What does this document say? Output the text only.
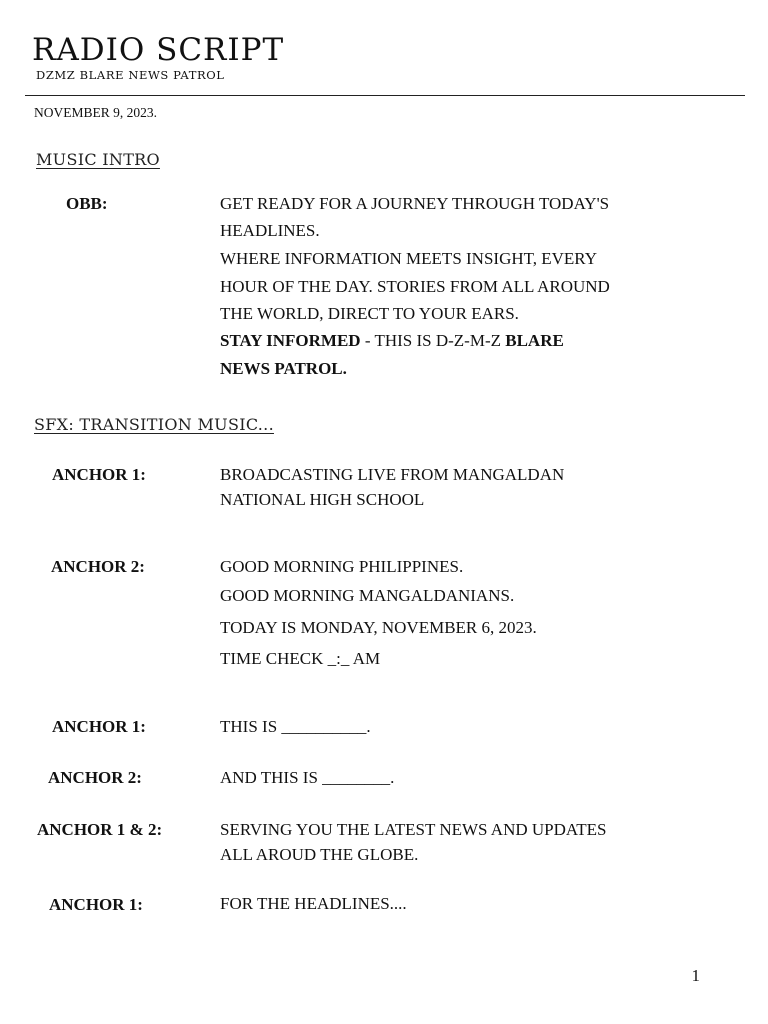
RADIO SCRIPT
DZMZ BLARE NEWS PATROL
NOVEMBER 9, 2023.
MUSIC INTRO
OBB:	GET READY FOR A JOURNEY THROUGH TODAY'S
HEADLINES.
WHERE INFORMATION MEETS INSIGHT, EVERY
HOUR OF THE DAY. STORIES FROM ALL AROUND
THE WORLD, DIRECT TO YOUR EARS.
STAY INFORMED - THIS IS D-Z-M-Z BLARE
NEWS PATROL.
SFX: TRANSITION MUSIC...
ANCHOR 1:	BROADCASTING LIVE FROM MANGALDAN
NATIONAL HIGH SCHOOL
ANCHOR 2:	GOOD MORNING PHILIPPINES.
GOOD MORNING MANGALDANIANS.
TODAY IS MONDAY, NOVEMBER 6, 2023.
TIME CHECK _:_ AM
ANCHOR 1:	THIS IS __________.
ANCHOR 2:	AND THIS IS ________.
ANCHOR 1 & 2:	SERVING YOU THE LATEST NEWS AND UPDATES
ALL AROUD THE GLOBE.
ANCHOR 1:	FOR THE HEADLINES....
1
